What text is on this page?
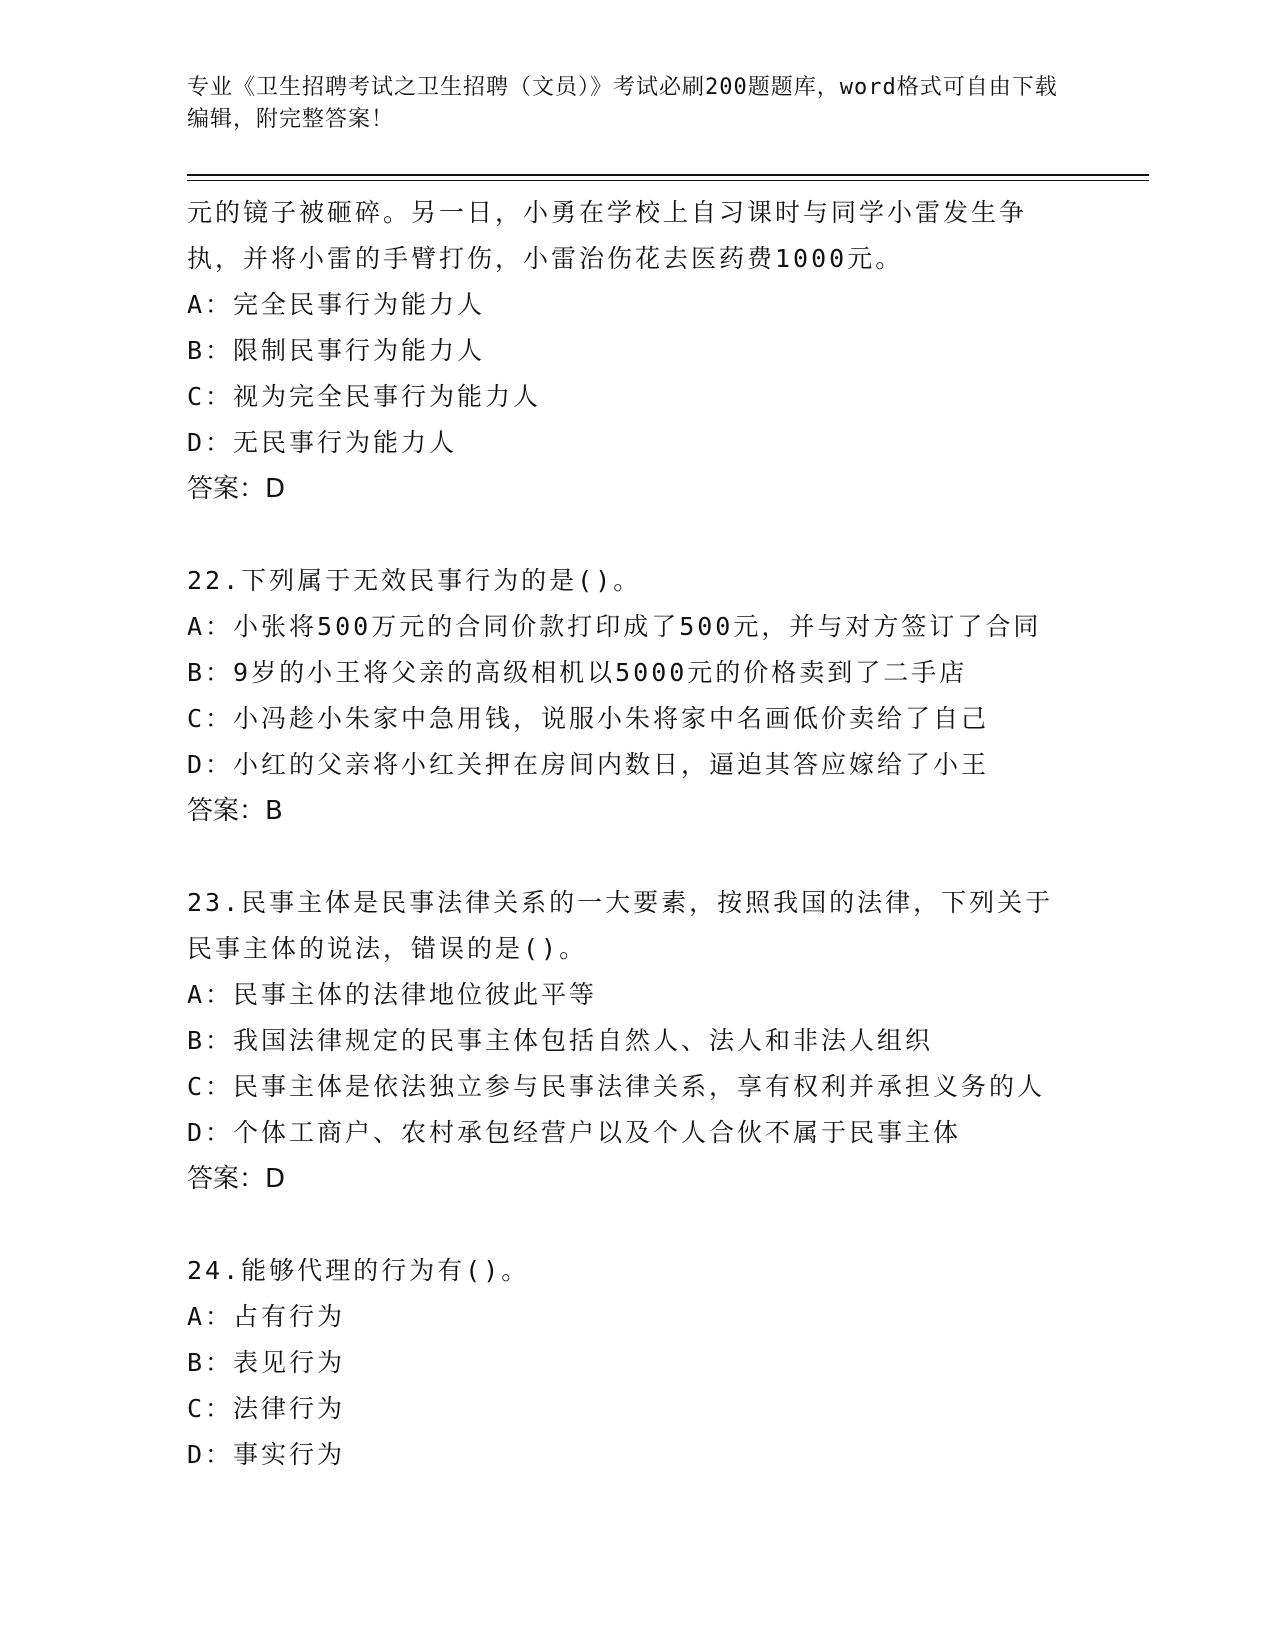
专业《卫生招聘考试之卫生招聘（文员）》考试必刷200题题库，word格式可自由下载编辑，附完整答案！
元的镜子被砸碎。另一日，小勇在学校上自习课时与同学小雷发生争
执，并将小雷的手臂打伤，小雷治伤花去医药费1000元。
A：完全民事行为能力人
B：限制民事行为能力人
C：视为完全民事行为能力人
D：无民事行为能力人
答案：D
22.下列属于无效民事行为的是()。
A：小张将500万元的合同价款打印成了500元，并与对方签订了合同
B：9岁的小王将父亲的高级相机以5000元的价格卖到了二手店
C：小冯趁小朱家中急用钱，说服小朱将家中名画低价卖给了自己
D：小红的父亲将小红关押在房间内数日，逼迫其答应嫁给了小王
答案：B
23.民事主体是民事法律关系的一大要素，按照我国的法律，下列关于
民事主体的说法，错误的是()。
A：民事主体的法律地位彼此平等
B：我国法律规定的民事主体包括自然人、法人和非法人组织
C：民事主体是依法独立参与民事法律关系，享有权利并承担义务的人
D：个体工商户、农村承包经营户以及个人合伙不属于民事主体
答案：D
24.能够代理的行为有()。
A：占有行为
B：表见行为
C：法律行为
D：事实行为
